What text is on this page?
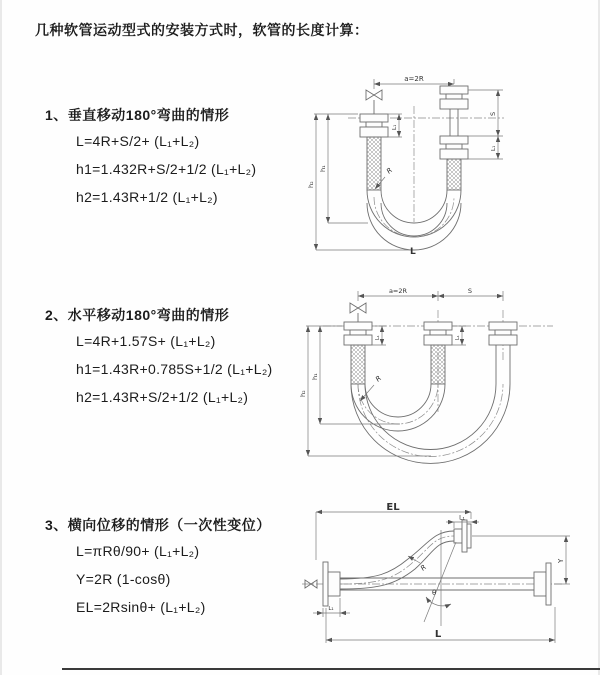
几种软管运动型式的安装方式时，软管的长度计算：
1、垂直移动180°弯曲的情形
L=4R+S/2+ (L₁+L₂)
h1=1.432R+S/2+1/2 (L₁+L₂)
h2=1.43R+1/2 (L₁+L₂)
2、水平移动180°弯曲的情形
L=4R+1.57S+ (L₁+L₂)
h1=1.43R+0.785S+1/2 (L₁+L₂)
h2=1.43R+S/2+1/2 (L₁+L₂)
3、横向位移的情形（一次性变位）
L=πRθ/90+ (L₁+L₂)
Y=2R (1-cosθ)
EL=2Rsinθ+ (L₁+L₂)
a=2R
h₂
h₁
L₁
S
L₁
R
L
a=2R	S
h₂
h₁
L₁	L₁
R
EL
L₁
θ
Y
L
L₁
R
